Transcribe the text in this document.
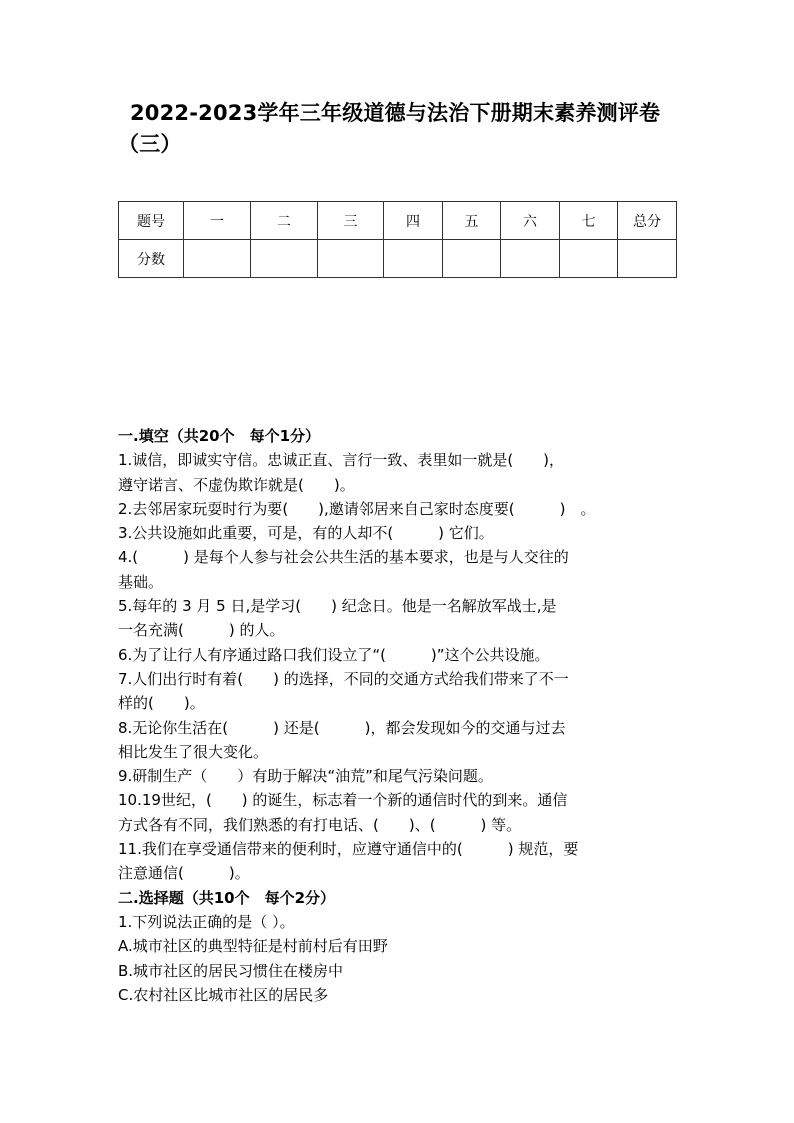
2022-2023学年三年级道德与法治下册期末素养测评卷（三）
题号	一	二	三	四	五	六	七	总分
分数								

一.填空（共20个　每个1分）

1.诚信，即诚实守信。忠诚正直、言行一致、表里如一就是(　　)，

遵守诺言、不虚伪欺诈就是(　　)。

2.去邻居家玩耍时行为要(　　),邀请邻居来自己家时态度要(　　　)　。

3.公共设施如此重要，可是，有的人却不(　　　) 它们。

4.(　　　) 是每个人参与社会公共生活的基本要求，也是与人交往的

基础。

5.每年的 3 月 5 日,是学习(　　) 纪念日。他是一名解放军战士,是

一名充满(　　　) 的人。

6.为了让行人有序通过路口我们设立了“(　　　)”这个公共设施。

7.人们出行时有着(　　) 的选择，不同的交通方式给我们带来了不一

样的(　　)。

8.无论你生活在(　　　) 还是(　　　)，都会发现如今的交通与过去

相比发生了很大变化。

9.研制生产（　　）有助于解决“油荒”和尾气污染问题。

10.19世纪，(　　) 的诞生，标志着一个新的通信时代的到来。通信

方式各有不同，我们熟悉的有打电话、(　　)、(　　　) 等。

11.我们在享受通信带来的便利时，应遵守通信中的(　　　) 规范，要

注意通信(　　　)。

二.选择题（共10个　每个2分）

1.下列说法正确的是（ ）。

A.城市社区的典型特征是村前村后有田野

B.城市社区的居民习惯住在楼房中

C.农村社区比城市社区的居民多
